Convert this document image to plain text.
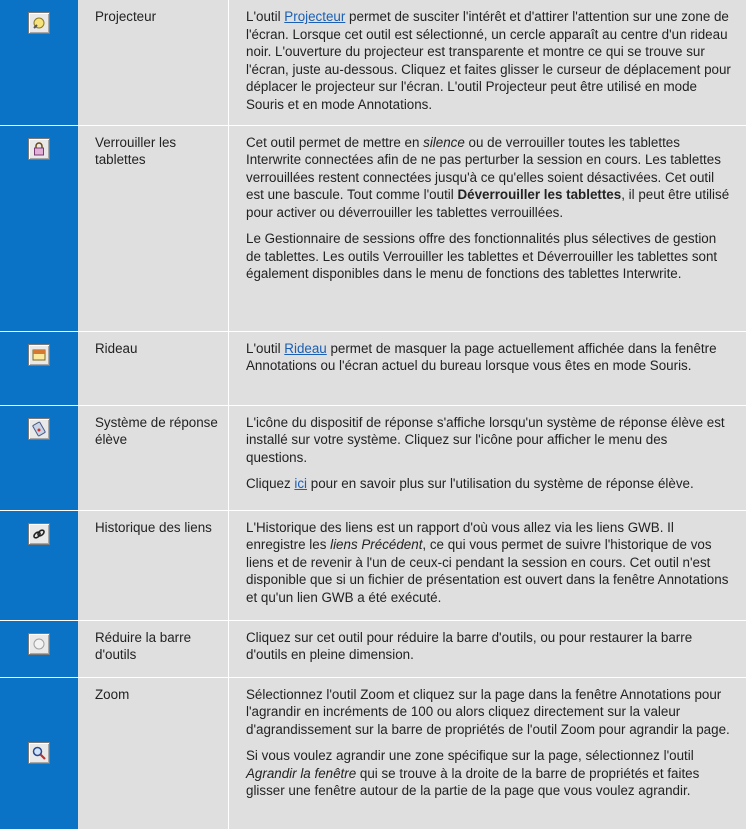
Projecteur	L'outil Projecteur permet de susciter l'intérêt et d'attirer l'attention sur une zone de l'écran. Lorsque cet outil est sélectionné, un cercle apparaît au centre d'un rideau noir. L'ouverture du projecteur est transparente et montre ce qui se trouve sur l'écran, juste au-dessous. Cliquez et faites glisser le curseur de déplacement pour déplacer le projecteur sur l'écran. L'outil Projecteur peut être utilisé en mode Souris et en mode Annotations.

Verrouiller les tablettes	Cet outil permet de mettre en silence ou de verrouiller toutes les tablettes Interwrite connectées afin de ne pas perturber la session en cours. Les tablettes verrouillées restent connectées jusqu'à ce qu'elles soient désactivées. Cet outil est une bascule. Tout comme l'outil Déverrouiller les tablettes, il peut être utilisé pour activer ou déverrouiller les tablettes verrouillées.

Le Gestionnaire de sessions offre des fonctionnalités plus sélectives de gestion de tablettes. Les outils Verrouiller les tablettes et Déverrouiller les tablettes sont également disponibles dans le menu de fonctions des tablettes Interwrite.

Rideau	L'outil Rideau permet de masquer la page actuellement affichée dans la fenêtre Annotations ou l'écran actuel du bureau lorsque vous êtes en mode Souris.

Système de réponse élève	L'icône du dispositif de réponse s'affiche lorsqu'un système de réponse élève est installé sur votre système. Cliquez sur l'icône pour afficher le menu des questions.

Cliquez ici pour en savoir plus sur l'utilisation du système de réponse élève.

Historique des liens	L'Historique des liens est un rapport d'où vous allez via les liens GWB. Il enregistre les liens Précédent, ce qui vous permet de suivre l'historique de vos liens et de revenir à l'un de ceux-ci pendant la session en cours. Cet outil n'est disponible que si un fichier de présentation est ouvert dans la fenêtre Annotations et qu'un lien GWB a été exécuté.

Réduire la barre d'outils	Cliquez sur cet outil pour réduire la barre d'outils, ou pour restaurer la barre d'outils en pleine dimension.

Zoom	Sélectionnez l'outil Zoom et cliquez sur la page dans la fenêtre Annotations pour l'agrandir en incréments de 100 ou alors cliquez directement sur la valeur d'agrandissement sur la barre de propriétés de l'outil Zoom pour agrandir la page.

Si vous voulez agrandir une zone spécifique sur la page, sélectionnez l'outil Agrandir la fenêtre qui se trouve à la droite de la barre de propriétés et faites glisser une fenêtre autour de la partie de la page que vous voulez agrandir.
